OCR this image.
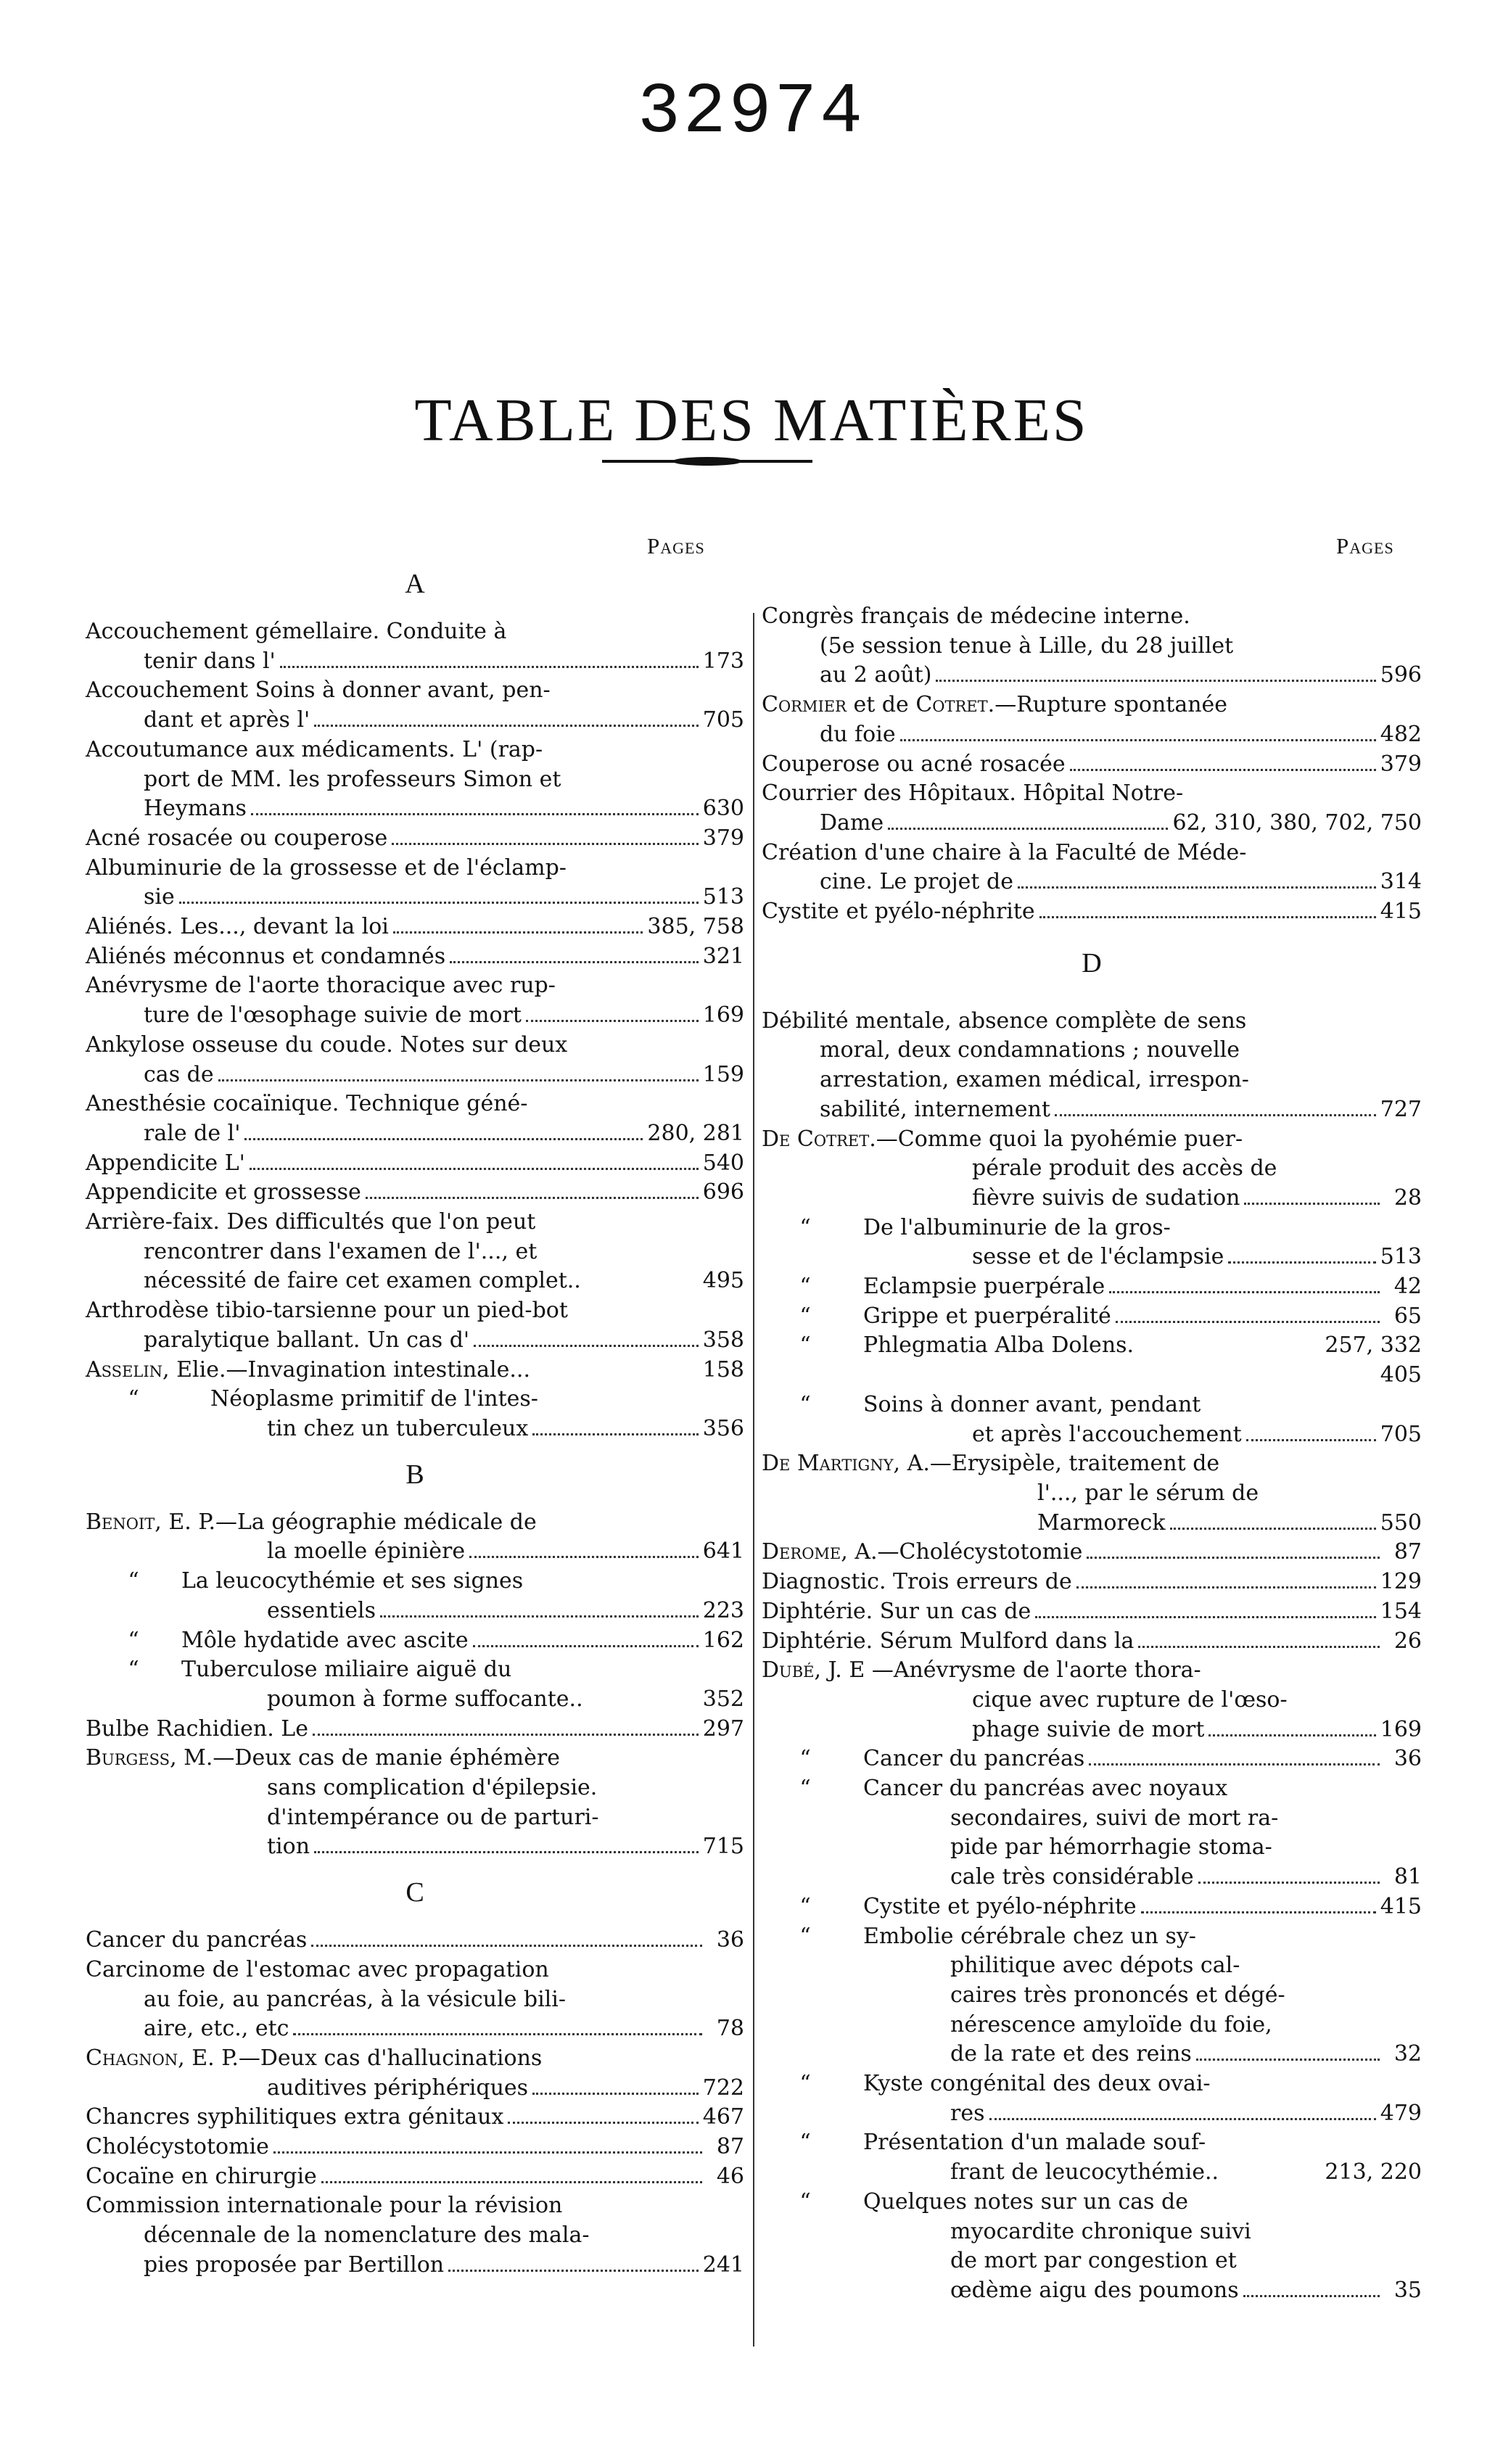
32974
TABLE DES MATIÈRES
Pages	Pages
A
Accouchement gémellaire. Conduite à
tenir dans l'	173
Accouchement Soins à donner avant, pen-
dant et après l'	705
Accoutumance aux médicaments. L' (rap-
port de MM. les professeurs Simon et
Heymans	630
Acné rosacée ou couperose	379
Albuminurie de la grossesse et de l'éclamp-
sie	513
Aliénés. Les..., devant la loi	385, 758
Aliénés méconnus et condamnés	321
Anévrysme de l'aorte thoracique avec rup-
ture de l'œsophage suivie de mort	169
Ankylose osseuse du coude. Notes sur deux
cas de	159
Anesthésie cocaïnique. Technique géné-
rale de l'	280, 281
Appendicite L'	540
Appendicite et grossesse	696
Arrière-faix. Des difficultés que l'on peut
rencontrer dans l'examen de l'..., et
nécessité de faire cet examen complet..	495
Arthrodèse tibio-tarsienne pour un pied-bot
paralytique ballant. Un cas d'	358
Asselin,
Elie.—Invagination intestinale...	158
“	Néoplasme primitif de l'intes-
tin chez un tuberculeux	356
B
Benoit,
E. P.—La géographie médicale de
la moelle épinière	641
“	La leucocythémie et ses signes
essentiels	223
“	Môle hydatide avec ascite	162
“	Tuberculose miliaire aiguë du
poumon à forme suffocante..	352
Bulbe Rachidien. Le	297
Burgess,
M.—Deux cas de manie éphémère
sans complication d'épilepsie.
d'intempérance ou de parturi-
tion	715
C
Cancer du pancréas	36
Carcinome de l'estomac avec propagation
au foie, au pancréas, à la vésicule bili-
aire, etc., etc	78
Chagnon,
E. P.—Deux cas d'hallucinations
auditives périphériques	722
Chancres syphilitiques extra génitaux	467
Cholécystotomie	87
Cocaïne en chirurgie	46
Commission internationale pour la révision
décennale de la nomenclature des mala-
pies proposée par Bertillon	241
Congrès français de médecine interne.
(5e session tenue à Lille, du 28 juillet
au 2 août)	596
Cormier et de Cotret. —Rupture spontanée
du foie	482
Couperose ou acné rosacée	379
Courrier des Hôpitaux. Hôpital Notre-
Dame	62, 310, 380, 702, 750
Création d'une chaire à la Faculté de Méde-
cine. Le projet de	314
Cystite et pyélo-néphrite	415
D
Débilité mentale, absence complète de sens
moral, deux condamnations ; nouvelle
arrestation, examen médical, irrespon-
sabilité, internement	727
De Cotret. —Comme quoi la pyohémie puer-
pérale produit des accès de
fièvre suivis de sudation	28
“	De l'albuminurie de la gros-
sesse et de l'éclampsie	513
“	Eclampsie puerpérale	42
“	Grippe et puerpéralité	65
“	Phlegmatia Alba Dolens.	257, 332
405
“	Soins à donner avant, pendant
et après l'accouchement	705
De Martigny,
A.—Erysipèle, traitement de
l'..., par le sérum de
Marmoreck	550
Derome,
A.—Cholécystotomie	87
Diagnostic. Trois erreurs de	129
Diphtérie. Sur un cas de	154
Diphtérie. Sérum Mulford dans la	26
Dubé,
J. E —Anévrysme de l'aorte thora-
cique avec rupture de l'œso-
phage suivie de mort	169
“	Cancer du pancréas	36
“	Cancer du pancréas avec noyaux
secondaires, suivi de mort ra-
pide par hémorrhagie stoma-
cale très considérable	81
“	Cystite et pyélo-néphrite	415
“	Embolie cérébrale chez un sy-
philitique avec dépots cal-
caires très prononcés et dégé-
nérescence amyloïde du foie,
de la rate et des reins	32
“	Kyste congénital des deux ovai-
res	479
“	Présentation d'un malade souf-
frant de leucocythémie..	213, 220
“	Quelques notes sur un cas de
myocardite chronique suivi
de mort par congestion et
œdème aigu des poumons	35
